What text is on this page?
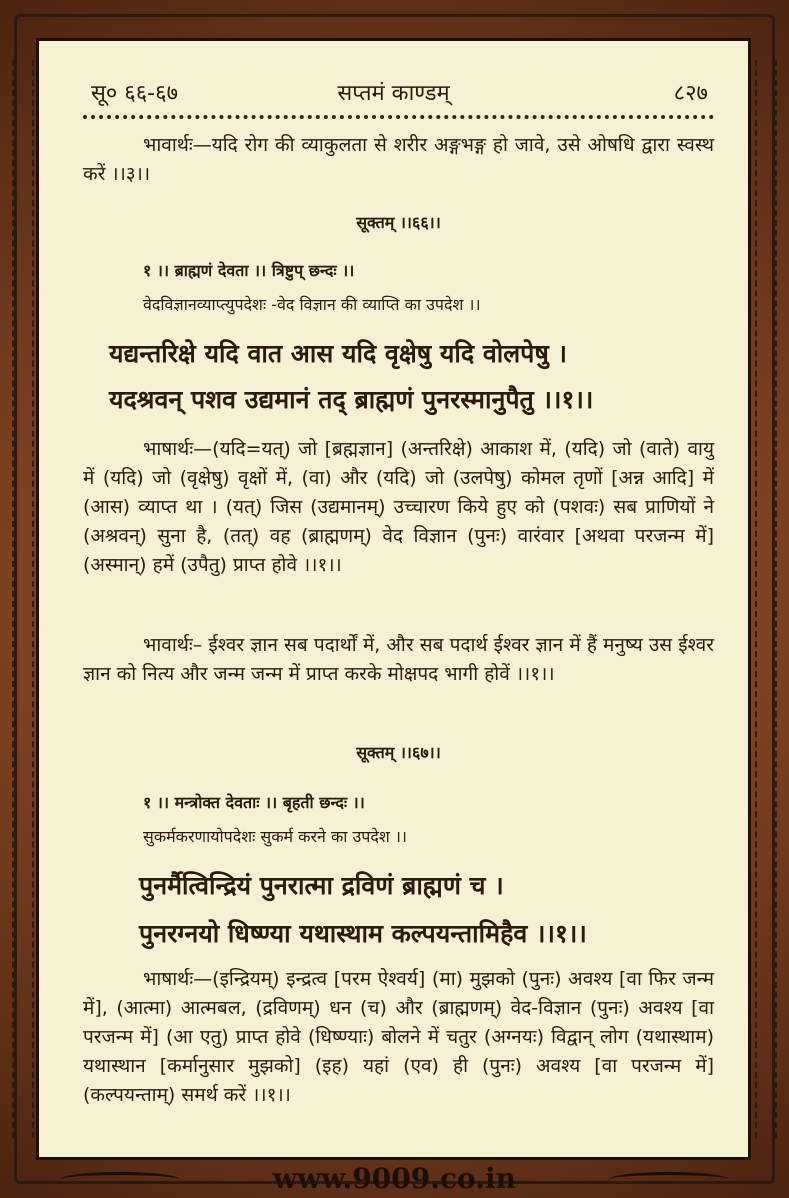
सू० ६६-६७	सप्तमं काण्डम्	८२७
भावार्थः—यदि रोग की व्याकुलता से शरीर अङ्गभङ्ग हो जावे, उसे ओषधि द्वारा स्वस्थ करें ।।३।।
सूक्तम् ।।६६।।
१ ।। ब्राह्मणं देवता ।। त्रिष्टुप् छन्दः ।।
वेदविज्ञानव्याप्त्युपदेशः -वेद विज्ञान की व्याप्ति का उपदेश ।।
यद्यन्तरिक्षे यदि वात आस यदि वृक्षेषु यदि वोलपेषु ।
यदश्रवन् पशव उद्यमानं तद् ब्राह्मणं पुनरस्मानुपैतु ।।१।।
भाषार्थः—(यदि=यत्) जो [ब्रह्मज्ञान] (अन्तरिक्षे) आकाश में, (यदि) जो (वाते) वायु में (यदि) जो (वृक्षेषु) वृक्षों में, (वा) और (यदि) जो (उलपेषु) कोमल तृणों [अन्न आदि] में (आस) व्याप्त था । (यत्) जिस (उद्यमानम्) उच्चारण किये हुए को (पशवः) सब प्राणियों ने (अश्रवन्) सुना है, (तत्) वह (ब्राह्मणम्) वेद विज्ञान (पुनः) वारंवार [अथवा परजन्म में] (अस्मान्) हमें (उपैतु) प्राप्त होवे ।।१।।
भावार्थः– ईश्वर ज्ञान सब पदार्थों में, और सब पदार्थ ईश्वर ज्ञान में हैं मनुष्य उस ईश्वर ज्ञान को नित्य और जन्म जन्म में प्राप्त करके मोक्षपद भागी होवें ।।१।।
सूक्तम् ।।६७।।
१ ।। मन्त्रोक्त देवताः ।। बृहती छन्दः ।।
सुकर्मकरणायोपदेशः सुकर्म करने का उपदेश ।।
पुनर्मैत्विन्द्रियं पुनरात्मा द्रविणं ब्राह्मणं च ।
पुनरग्नयो धिष्ण्या यथास्थाम कल्पयन्तामिहैव ।।१।।
भाषार्थः—(इन्द्रियम्) इन्द्रत्व [परम ऐश्वर्य] (मा) मुझको (पुनः) अवश्य [वा फिर जन्म में], (आत्मा) आत्मबल, (द्रविणम्) धन (च) और (ब्राह्मणम्) वेद-विज्ञान (पुनः) अवश्य [वा परजन्म में] (आ एतु) प्राप्त होवे (धिष्ण्याः) बोलने में चतुर (अग्नयः) विद्वान् लोग (यथास्थाम) यथास्थान [कर्मानुसार मुझको] (इह) यहां (एव) ही (पुनः) अवश्य [वा परजन्म में] (कल्पयन्ताम्) समर्थ करें ।।१।।
www.9009.co.in
